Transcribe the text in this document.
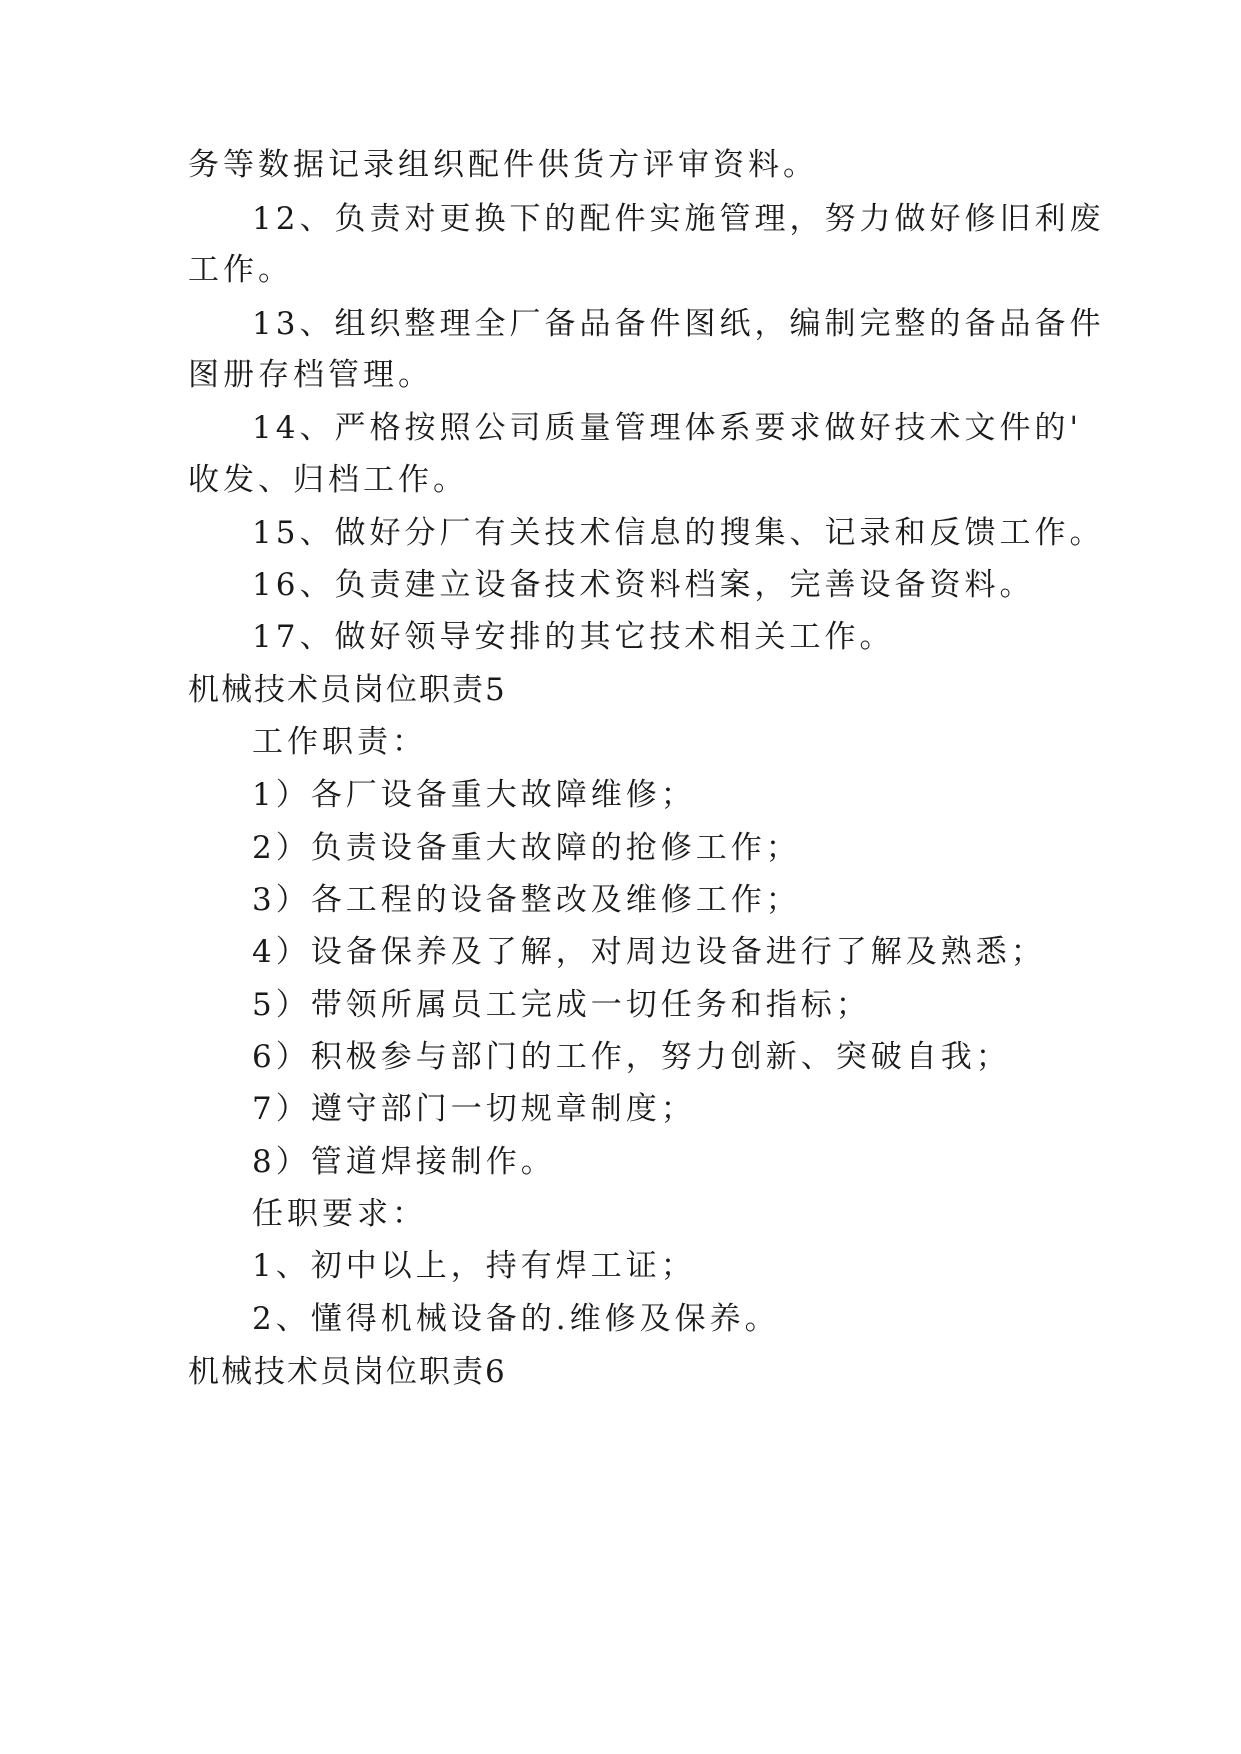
务等数据记录组织配件供货方评审资料。
12、负责对更换下的配件实施管理，努力做好修旧利废
工作。
13、组织整理全厂备品备件图纸，编制完整的备品备件
图册存档管理。
14、严格按照公司质量管理体系要求做好技术文件的'
收发、归档工作。
15、做好分厂有关技术信息的搜集、记录和反馈工作。
16、负责建立设备技术资料档案，完善设备资料。
17、做好领导安排的其它技术相关工作。
机械技术员岗位职责5
工作职责：
1）各厂设备重大故障维修；
2）负责设备重大故障的抢修工作；
3）各工程的设备整改及维修工作；
4）设备保养及了解，对周边设备进行了解及熟悉；
5）带领所属员工完成一切任务和指标；
6）积极参与部门的工作，努力创新、突破自我；
7）遵守部门一切规章制度；
8）管道焊接制作。
任职要求：
1、初中以上，持有焊工证；
2、懂得机械设备的.维修及保养。
机械技术员岗位职责6
